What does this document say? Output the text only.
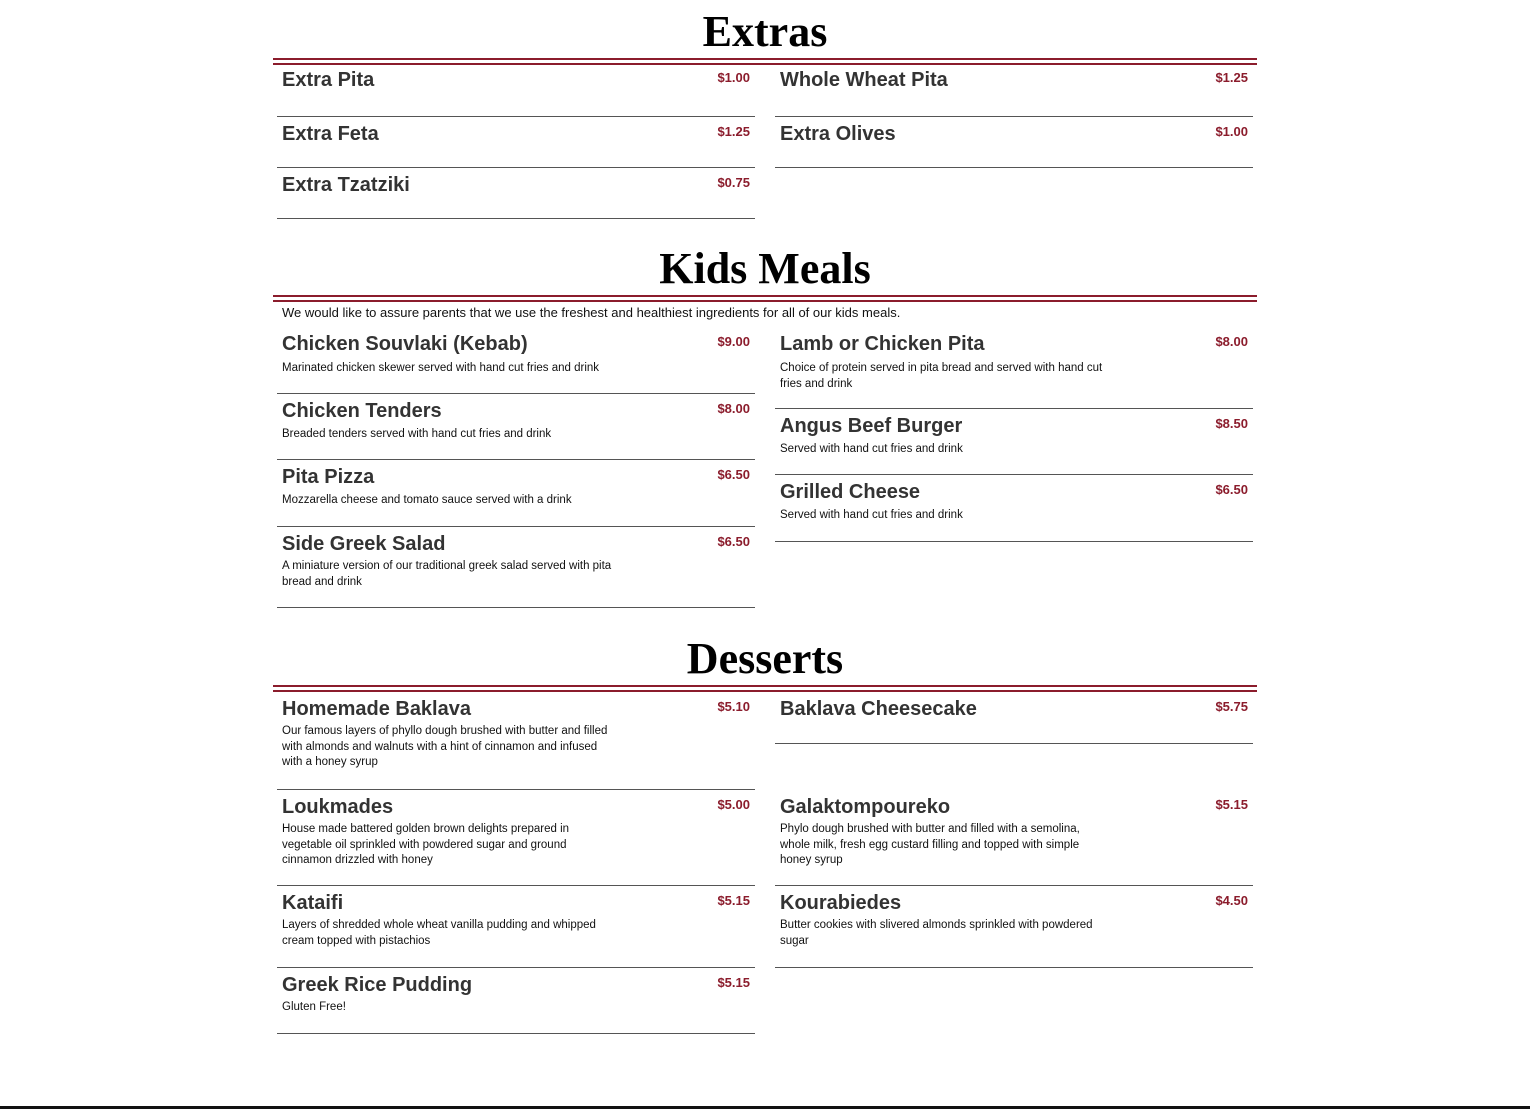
Extras
Extra Pita	$1.00
Extra Feta	$1.25
Extra Tzatziki	$0.75
Whole Wheat Pita	$1.25
Extra Olives	$1.00
Kids Meals

We would like to assure parents that we use the freshest and healthiest ingredients for all of our kids meals.

Chicken Souvlaki (Kebab)	$9.00
Marinated chicken skewer served with hand cut fries and drink
Chicken Tenders	$8.00
Breaded tenders served with hand cut fries and drink
Pita Pizza	$6.50
Mozzarella cheese and tomato sauce served with a drink
Side Greek Salad	$6.50
A miniature version of our traditional greek salad served with pita bread and drink
Lamb or Chicken Pita	$8.00
Choice of protein served in pita bread and served with hand cut fries and drink
Angus Beef Burger	$8.50
Served with hand cut fries and drink
Grilled Cheese	$6.50
Served with hand cut fries and drink
Desserts
Homemade Baklava	$5.10
Our famous layers of phyllo dough brushed with butter and filled with almonds and walnuts with a hint of cinnamon and infused with a honey syrup
Loukmades	$5.00
House made battered golden brown delights prepared in vegetable oil sprinkled with powdered sugar and ground cinnamon drizzled with honey
Kataifi	$5.15
Layers of shredded whole wheat vanilla pudding and whipped cream topped with pistachios
Greek Rice Pudding	$5.15
Gluten Free!
Baklava Cheesecake	$5.75
Galaktompoureko	$5.15
Phylo dough brushed with butter and filled with a semolina, whole milk, fresh egg custard filling and topped with simple honey syrup
Kourabiedes	$4.50
Butter cookies with slivered almonds sprinkled with powdered sugar
